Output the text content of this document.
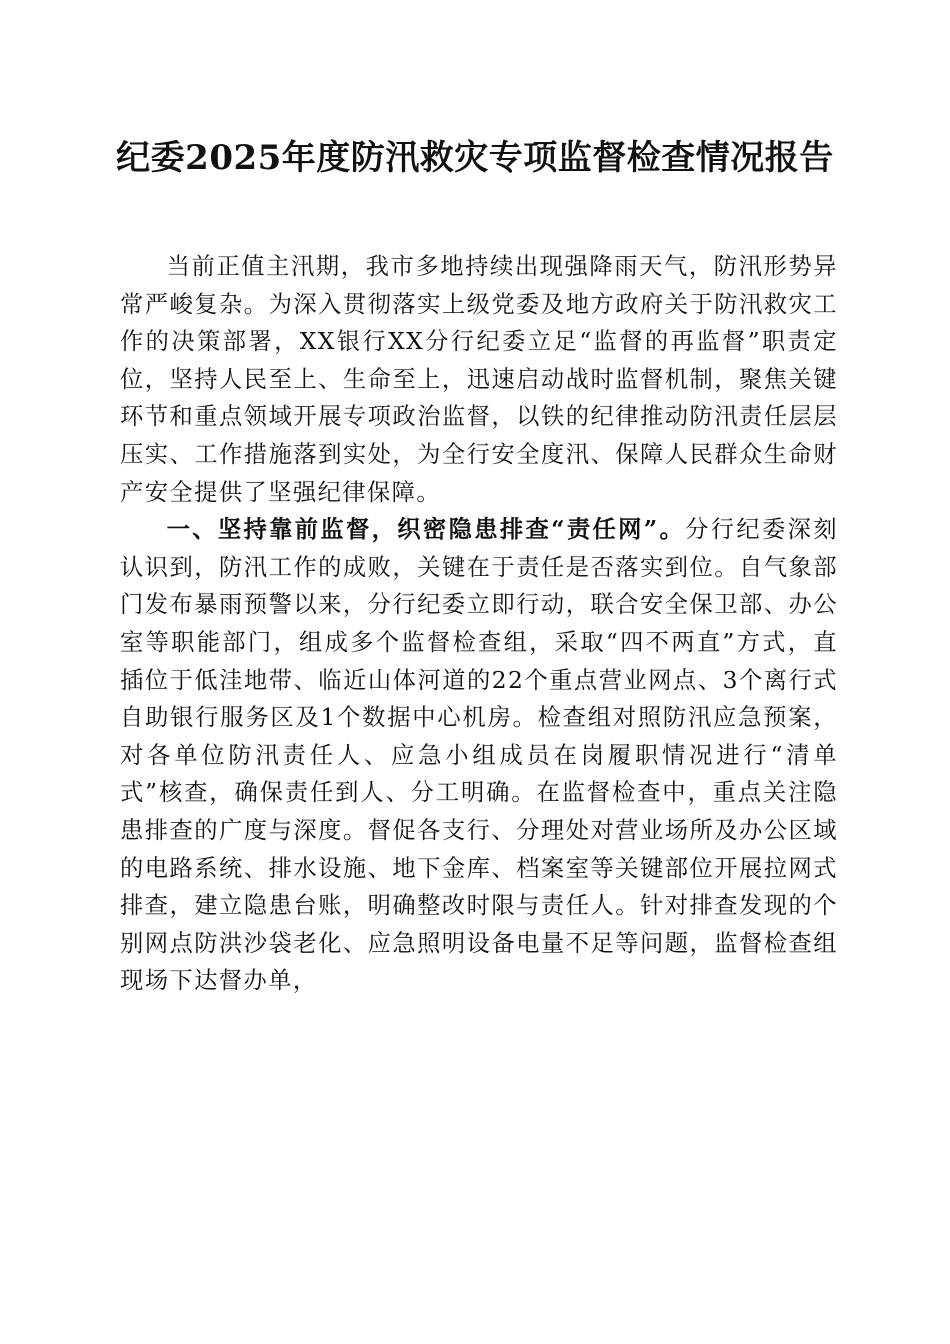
纪委2025年度防汛救灾专项监督检查情况报告

当前正值主汛期，我市多地持续出现强降雨天气，防汛形势异常严峻复杂。为深入贯彻落实上级党委及地方政府关于防汛救灾工作的决策部署，XX银行XX分行纪委立足“监督的再监督”职责定位，坚持人民至上、生命至上，迅速启动战时监督机制，聚焦关键环节和重点领域开展专项政治监督，以铁的纪律推动防汛责任层层压实、工作措施落到实处，为全行安全度汛、保障人民群众生命财产安全提供了坚强纪律保障。

一、坚持靠前监督，织密隐患排查“责任网”。分行纪委深刻认识到，防汛工作的成败，关键在于责任是否落实到位。自气象部门发布暴雨预警以来，分行纪委立即行动，联合安全保卫部、办公室等职能部门，组成多个监督检查组，采取“四不两直”方式，直插位于低洼地带、临近山体河道的22个重点营业网点、3个离行式自助银行服务区及1个数据中心机房。检查组对照防汛应急预案，对各单位防汛责任人、应急小组成员在岗履职情况进行“清单式”核查，确保责任到人、分工明确。在监督检查中，重点关注隐患排查的广度与深度。督促各支行、分理处对营业场所及办公区域的电路系统、排水设施、地下金库、档案室等关键部位开展拉网式排查，建立隐患台账，明确整改时限与责任人。针对排查发现的个别网点防洪沙袋老化、应急照明设备电量不足等问题，监督检查组现场下达督办单，
